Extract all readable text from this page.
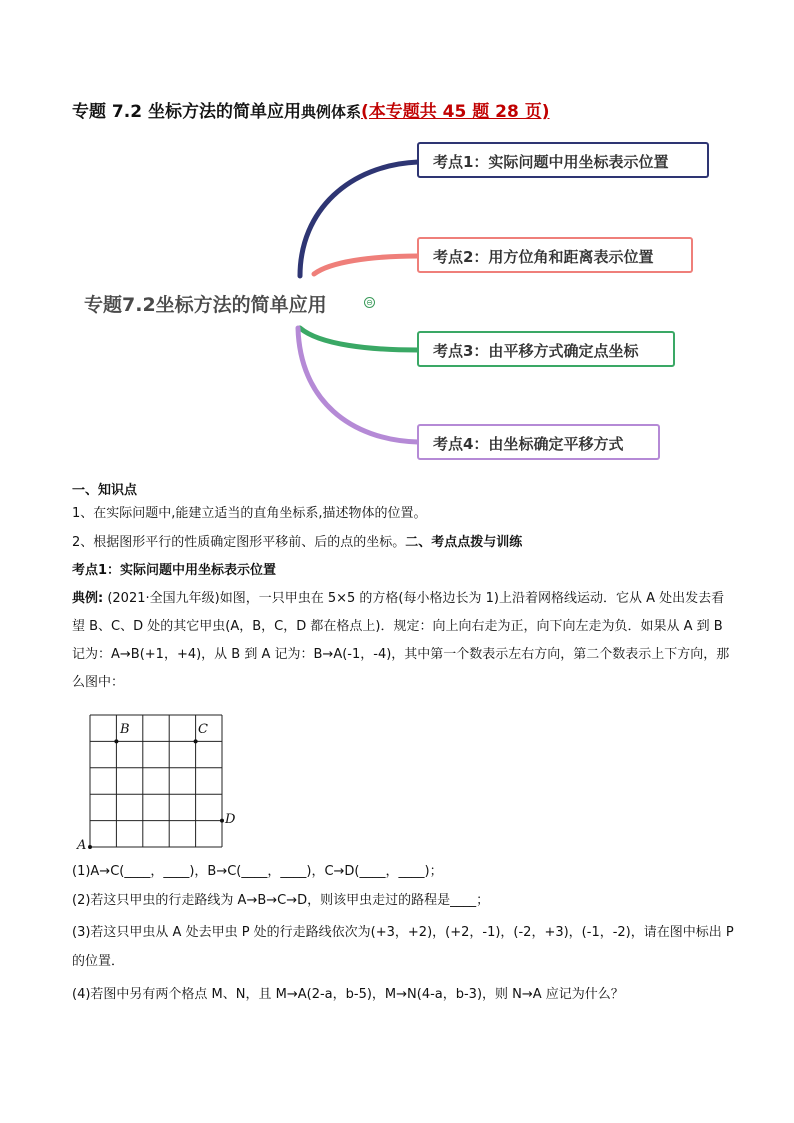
专题 7.2 坐标方法的简单应用典例体系(本专题共 45 题 28 页)
专题7.2坐标方法的简单应用	⊖
考点1：实际问题中用坐标表示位置
考点2：用方位角和距离表示位置
考点3：由平移方式确定点坐标
考点4：由坐标确定平移方式
一、知识点
1、在实际问题中,能建立适当的直角坐标系,描述物体的位置。
2、根据图形平行的性质确定图形平移前、后的点的坐标。二、考点点拨与训练
考点1：实际问题中用坐标表示位置
典例: (2021·全国九年级)如图，一只甲虫在 5×5 的方格(每小格边长为 1)上沿着网格线运动．它从 A 处出发去看望 B、C、D 处的其它甲虫(A，B，C，D 都在格点上)．规定：向上向右走为正，向下向左走为负．如果从 A 到 B 记为：A→B(+1，+4)，从 B 到 A 记为：B→A(-1，-4)，其中第一个数表示左右方向，第二个数表示上下方向，那么图中：
A
B	C
D
(1)A→C(____，____)，B→C(____，____)，C→D(____，____)；
(2)若这只甲虫的行走路线为 A→B→C→D，则该甲虫走过的路程是____；
(3)若这只甲虫从 A 处去甲虫 P 处的行走路线依次为(+3，+2)，(+2，-1)，(-2，+3)，(-1，-2)，请在图中标出 P
的位置．
(4)若图中另有两个格点 M、N，且 M→A(2-a，b-5)，M→N(4-a，b-3)，则 N→A 应记为什么？
